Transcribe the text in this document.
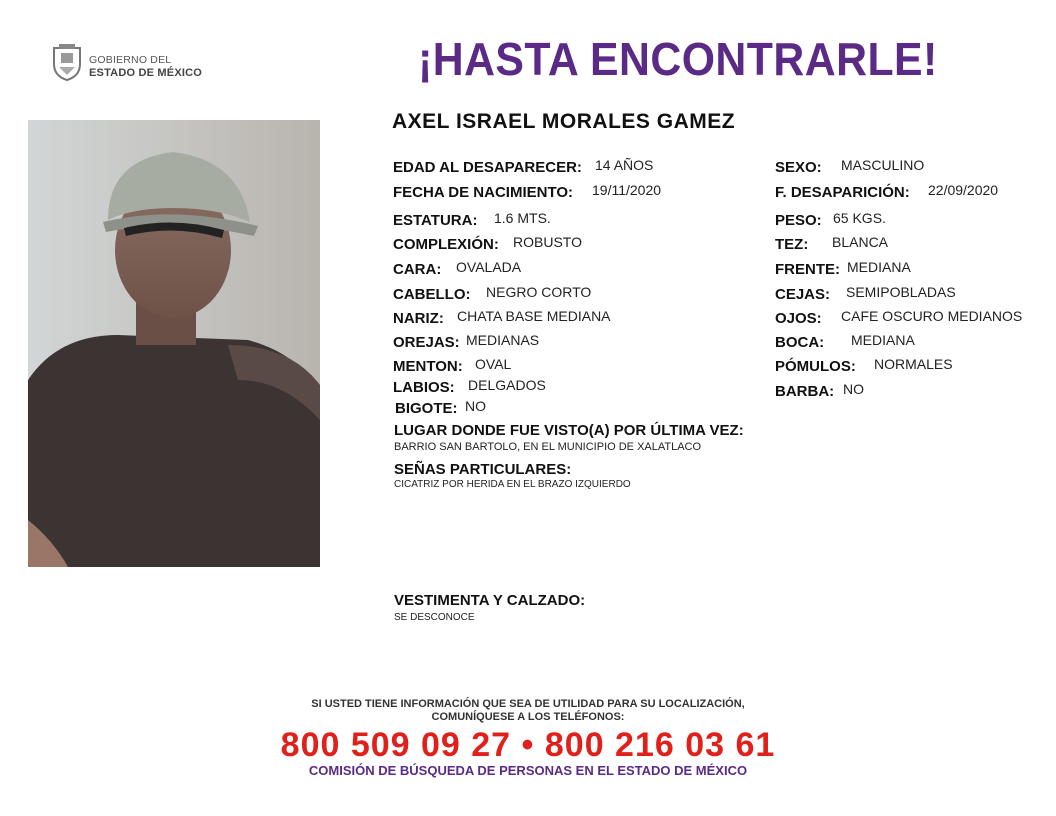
GOBIERNO DEL
ESTADO DE MÉXICO	¡HASTA ENCONTRARLE!
AXEL ISRAEL MORALES GAMEZ
EDAD AL DESAPARECER: 14 AÑOS
FECHA DE NACIMIENTO: 19/11/2020
ESTATURA: 1.6 MTS.
COMPLEXIÓN: ROBUSTO
CARA: OVALADA
CABELLO: NEGRO CORTO
NARIZ: CHATA BASE MEDIANA
OREJAS: MEDIANAS
MENTON: OVAL
LABIOS: DELGADOS
BIGOTE: NO
SEXO: MASCULINO
F. DESAPARICIÓN: 22/09/2020
PESO: 65 KGS.
TEZ: BLANCA
FRENTE: MEDIANA
CEJAS: SEMIPOBLADAS
OJOS: CAFE OSCURO MEDIANOS
BOCA: MEDIANA
PÓMULOS: NORMALES
BARBA: NO
LUGAR DONDE FUE VISTO(A) POR ÚLTIMA VEZ:
BARRIO SAN BARTOLO, EN EL MUNICIPIO DE XALATLACO
SEÑAS PARTICULARES:
CICATRIZ POR HERIDA EN EL BRAZO IZQUIERDO
VESTIMENTA Y CALZADO:
SE DESCONOCE
SI USTED TIENE INFORMACIÓN QUE SEA DE UTILIDAD PARA SU LOCALIZACIÓN,
COMUNÍQUESE A LOS TELÉFONOS:
800 509 09 27 • 800 216 03 61
COMISIÓN DE BÚSQUEDA DE PERSONAS EN EL ESTADO DE MÉXICO
